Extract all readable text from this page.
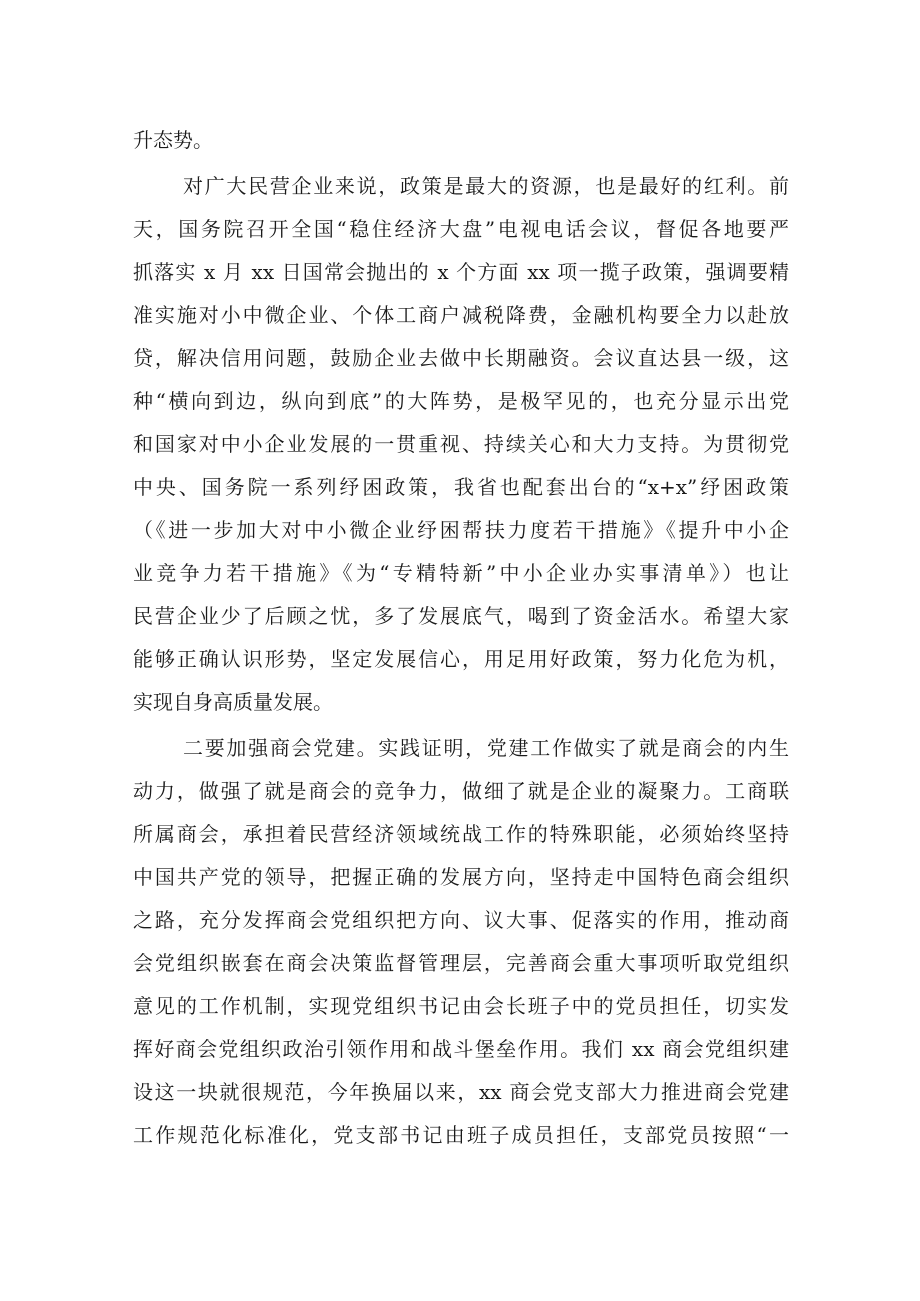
升态势。
对广大民营企业来说，政策是最大的资源，也是最好的红利。前
天，国务院召开全国“稳住经济大盘”电视电话会议，督促各地要严
抓落实 x 月 xx 日国常会抛出的 x 个方面 xx 项一揽子政策，强调要精
准实施对小中微企业、个体工商户减税降费，金融机构要全力以赴放
贷，解决信用问题，鼓励企业去做中长期融资。会议直达县一级，这
种“横向到边，纵向到底”的大阵势，是极罕见的，也充分显示出党
和国家对中小企业发展的一贯重视、持续关心和大力支持。为贯彻党
中央、国务院一系列纾困政策，我省也配套出台的“x+x”纾困政策
（《进一步加大对中小微企业纾困帮扶力度若干措施》《提升中小企
业竞争力若干措施》《为“专精特新”中小企业办实事清单》）也让
民营企业少了后顾之忧，多了发展底气，喝到了资金活水。希望大家
能够正确认识形势，坚定发展信心，用足用好政策，努力化危为机，
实现自身高质量发展。
二要加强商会党建。实践证明，党建工作做实了就是商会的内生
动力，做强了就是商会的竞争力，做细了就是企业的凝聚力。工商联
所属商会，承担着民营经济领域统战工作的特殊职能，必须始终坚持
中国共产党的领导，把握正确的发展方向，坚持走中国特色商会组织
之路，充分发挥商会党组织把方向、议大事、促落实的作用，推动商
会党组织嵌套在商会决策监督管理层，完善商会重大事项听取党组织
意见的工作机制，实现党组织书记由会长班子中的党员担任，切实发
挥好商会党组织政治引领作用和战斗堡垒作用。我们 xx 商会党组织建
设这一块就很规范，今年换届以来，xx 商会党支部大力推进商会党建
工作规范化标准化，党支部书记由班子成员担任，支部党员按照“一
